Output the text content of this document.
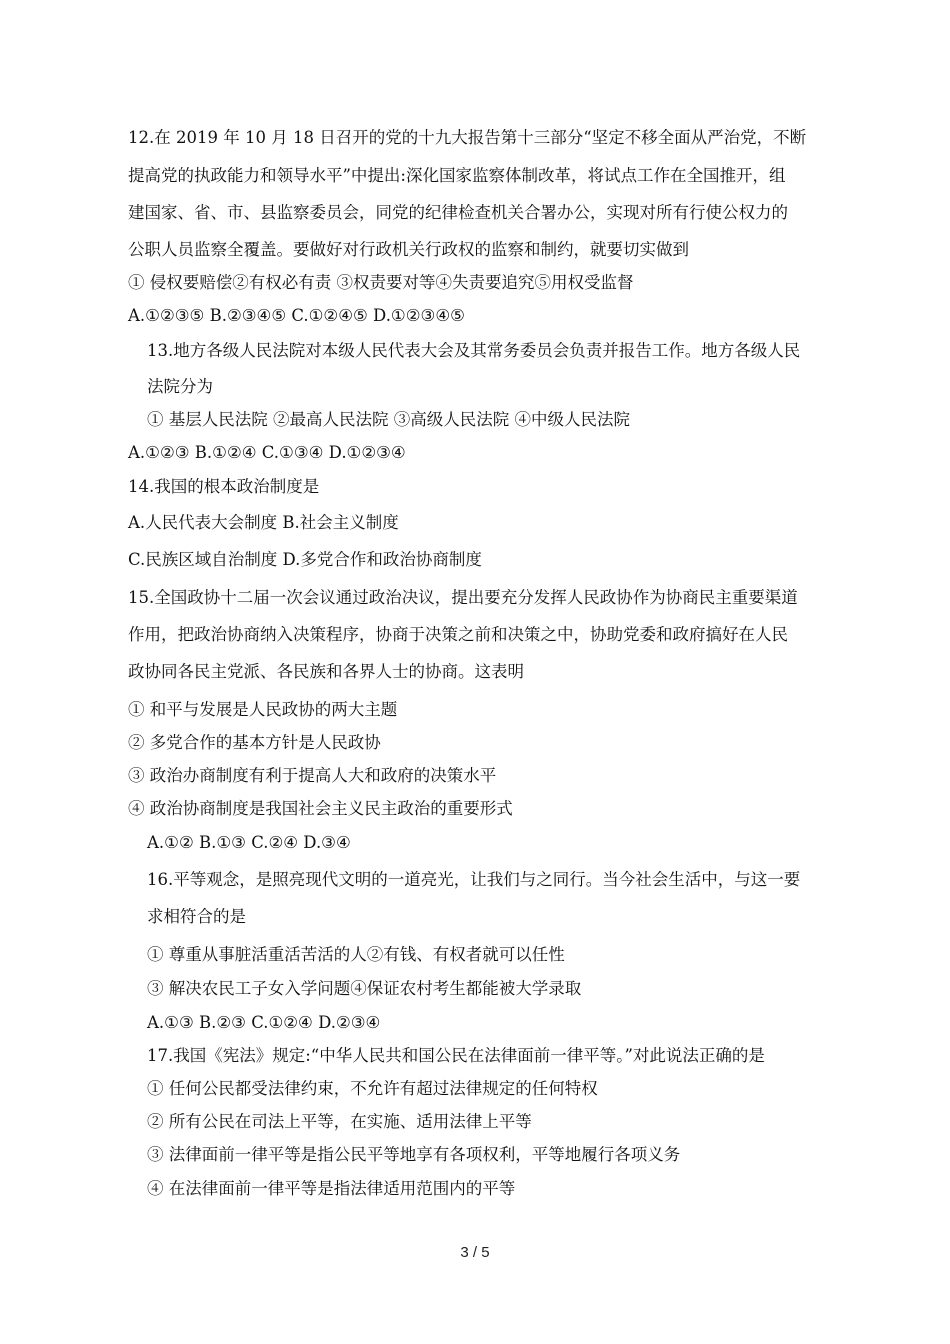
12.在 2019 年 10 月 18 日召开的党的十九大报告第十三部分“坚定不移全面从严治党，不断
提高党的执政能力和领导水平”中提出:深化国家监察体制改革，将试点工作在全国推开，组
建国家、省、市、县监察委员会，同党的纪律检查机关合署办公，实现对所有行使公权力的
公职人员监察全覆盖。要做好对行政机关行政权的监察和制约，就要切实做到
① 侵权要赔偿②有权必有责 ③权责要对等④失责要追究⑤用权受监督
A.①②③⑤ B.②③④⑤ C.①②④⑤ D.①②③④⑤
13.地方各级人民法院对本级人民代表大会及其常务委员会负责并报告工作。地方各级人民
法院分为
① 基层人民法院 ②最高人民法院 ③高级人民法院 ④中级人民法院
A.①②③ B.①②④ C.①③④ D.①②③④
14.我国的根本政治制度是
A.人民代表大会制度 B.社会主义制度
C.民族区域自治制度 D.多党合作和政治协商制度
15.全国政协十二届一次会议通过政治决议，提出要充分发挥人民政协作为协商民主重要渠道
作用，把政治协商纳入决策程序，协商于决策之前和决策之中，协助党委和政府搞好在人民
政协同各民主党派、各民族和各界人士的协商。这表明
① 和平与发展是人民政协的两大主题
② 多党合作的基本方针是人民政协
③ 政治办商制度有利于提高人大和政府的决策水平
④ 政治协商制度是我国社会主义民主政治的重要形式
A.①② B.①③ C.②④ D.③④
16.平等观念，是照亮现代文明的一道亮光，让我们与之同行。当今社会生活中，与这一要
求相符合的是
① 尊重从事脏活重活苦活的人②有钱、有权者就可以任性
③ 解决农民工子女入学问题④保证农村考生都能被大学录取
A.①③ B.②③ C.①②④ D.②③④
17.我国《宪法》规定:“中华人民共和国公民在法律面前一律平等。”对此说法正确的是
① 任何公民都受法律约束，不允许有超过法律规定的任何特权
② 所有公民在司法上平等，在实施、适用法律上平等
③ 法律面前一律平等是指公民平等地享有各项权利，平等地履行各项义务
④ 在法律面前一律平等是指法律适用范围内的平等
3 / 5
